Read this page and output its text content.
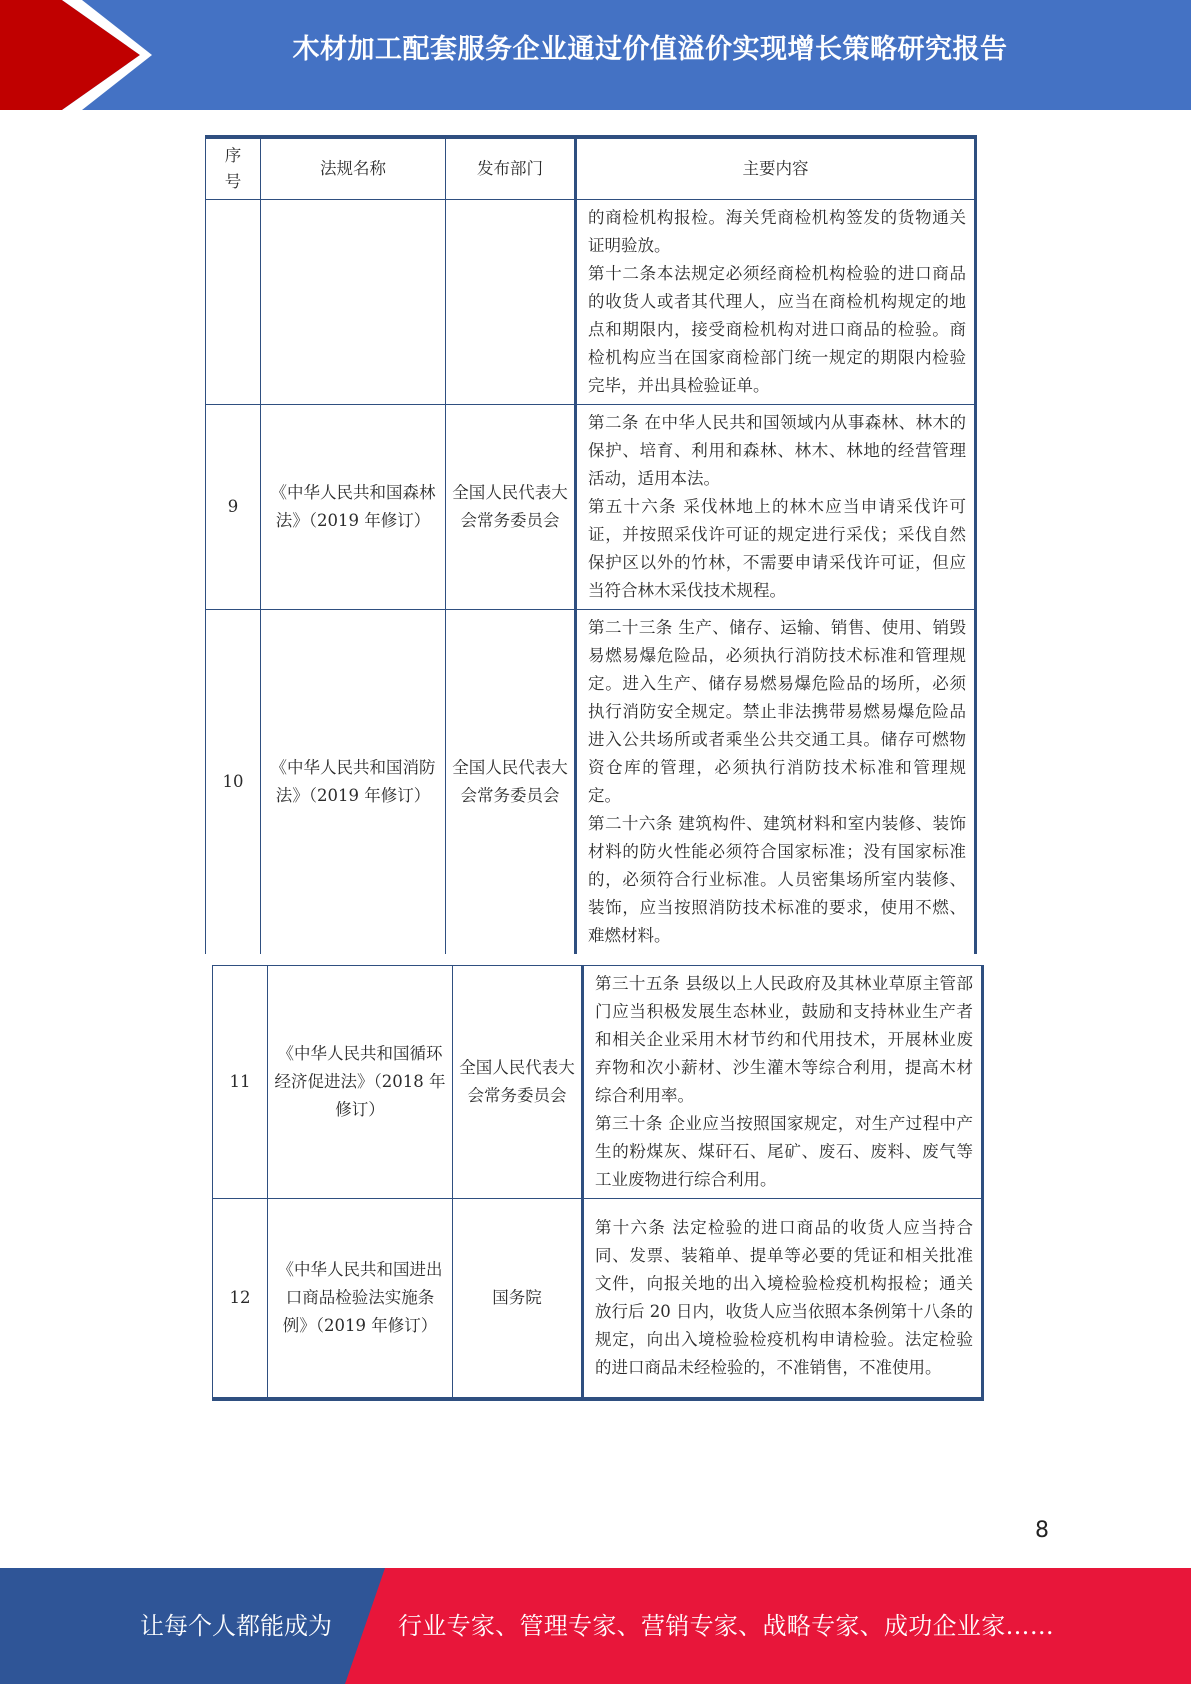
木材加工配套服务企业通过价值溢价实现增长策略研究报告
序号	法规名称	发布部门	主要内容

			的商检机构报检。海关凭商检机构签发的货物通关证明验放。

第十二条本法规定必须经商检机构检验的进口商品的收货人或者其代理人，应当在商检机构规定的地点和期限内，接受商检机构对进口商品的检验。商检机构应当在国家商检部门统一规定的期限内检验完毕，并出具检验证单。

9	《中华人民共和国森林法》（2019 年修订）	全国人民代表大会常务委员会	第二条 在中华人民共和国领域内从事森林、林木的保护、培育、利用和森林、林木、林地的经营管理活动，适用本法。

第五十六条 采伐林地上的林木应当申请采伐许可证，并按照采伐许可证的规定进行采伐；采伐自然保护区以外的竹林，不需要申请采伐许可证，但应当符合林木采伐技术规程。

10	《中华人民共和国消防法》（2019 年修订）	全国人民代表大会常务委员会	第二十三条 生产、储存、运输、销售、使用、销毁易燃易爆危险品，必须执行消防技术标准和管理规定。进入生产、储存易燃易爆危险品的场所，必须执行消防安全规定。禁止非法携带易燃易爆危险品进入公共场所或者乘坐公共交通工具。储存可燃物资仓库的管理，必须执行消防技术标准和管理规定。

第二十六条 建筑构件、建筑材料和室内装修、装饰材料的防火性能必须符合国家标准；没有国家标准的，必须符合行业标准。人员密集场所室内装修、装饰，应当按照消防技术标准的要求，使用不燃、难燃材料。

11	《中华人民共和国循环经济促进法》（2018 年修订）	全国人民代表大会常务委员会	第三十五条 县级以上人民政府及其林业草原主管部门应当积极发展生态林业，鼓励和支持林业生产者和相关企业采用木材节约和代用技术，开展林业废弃物和次小薪材、沙生灌木等综合利用，提高木材综合利用率。

第三十条 企业应当按照国家规定，对生产过程中产生的粉煤灰、煤矸石、尾矿、废石、废料、废气等工业废物进行综合利用。

12	《中华人民共和国进出口商品检验法实施条例》（2019 年修订）	国务院	第十六条 法定检验的进口商品的收货人应当持合同、发票、装箱单、提单等必要的凭证和相关批准文件，向报关地的出入境检验检疫机构报检；通关放行后 20 日内，收货人应当依照本条例第十八条的规定，向出入境检验检疫机构申请检验。法定检验的进口商品未经检验的，不准销售，不准使用。

8
让每个人都能成为	行业专家、管理专家、营销专家、战略专家、成功企业家……
